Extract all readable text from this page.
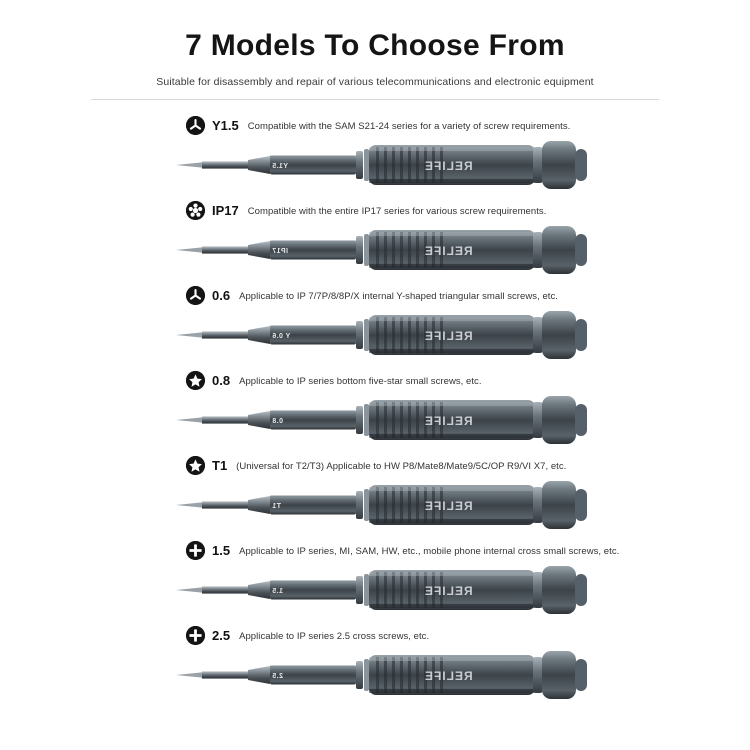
7 Models To Choose From
Suitable for disassembly and repair of various telecommunications and electronic equipment
Y1.5 Compatible with the SAM S21-24 series for a variety of screw requirements.
RELIFE
Y1.5
IP17 Compatible with the entire IP17 series for various screw requirements.
RELIFE
IP17
0.6 Applicable to IP 7/7P/8/8P/X internal Y-shaped triangular small screws, etc.
RELIFE
Y 0.6
0.8 Applicable to IP series bottom five-star small screws, etc.
RELIFE
0.8
T1 (Universal for T2/T3) Applicable to HW P8/Mate8/Mate9/5C/OP R9/VI X7, etc.
RELIFE
T1
1.5 Applicable to IP series, MI, SAM, HW, etc., mobile phone internal cross small screws, etc.
RELIFE
1.5
2.5 Applicable to IP series 2.5 cross screws, etc.
RELIFE
2.5
